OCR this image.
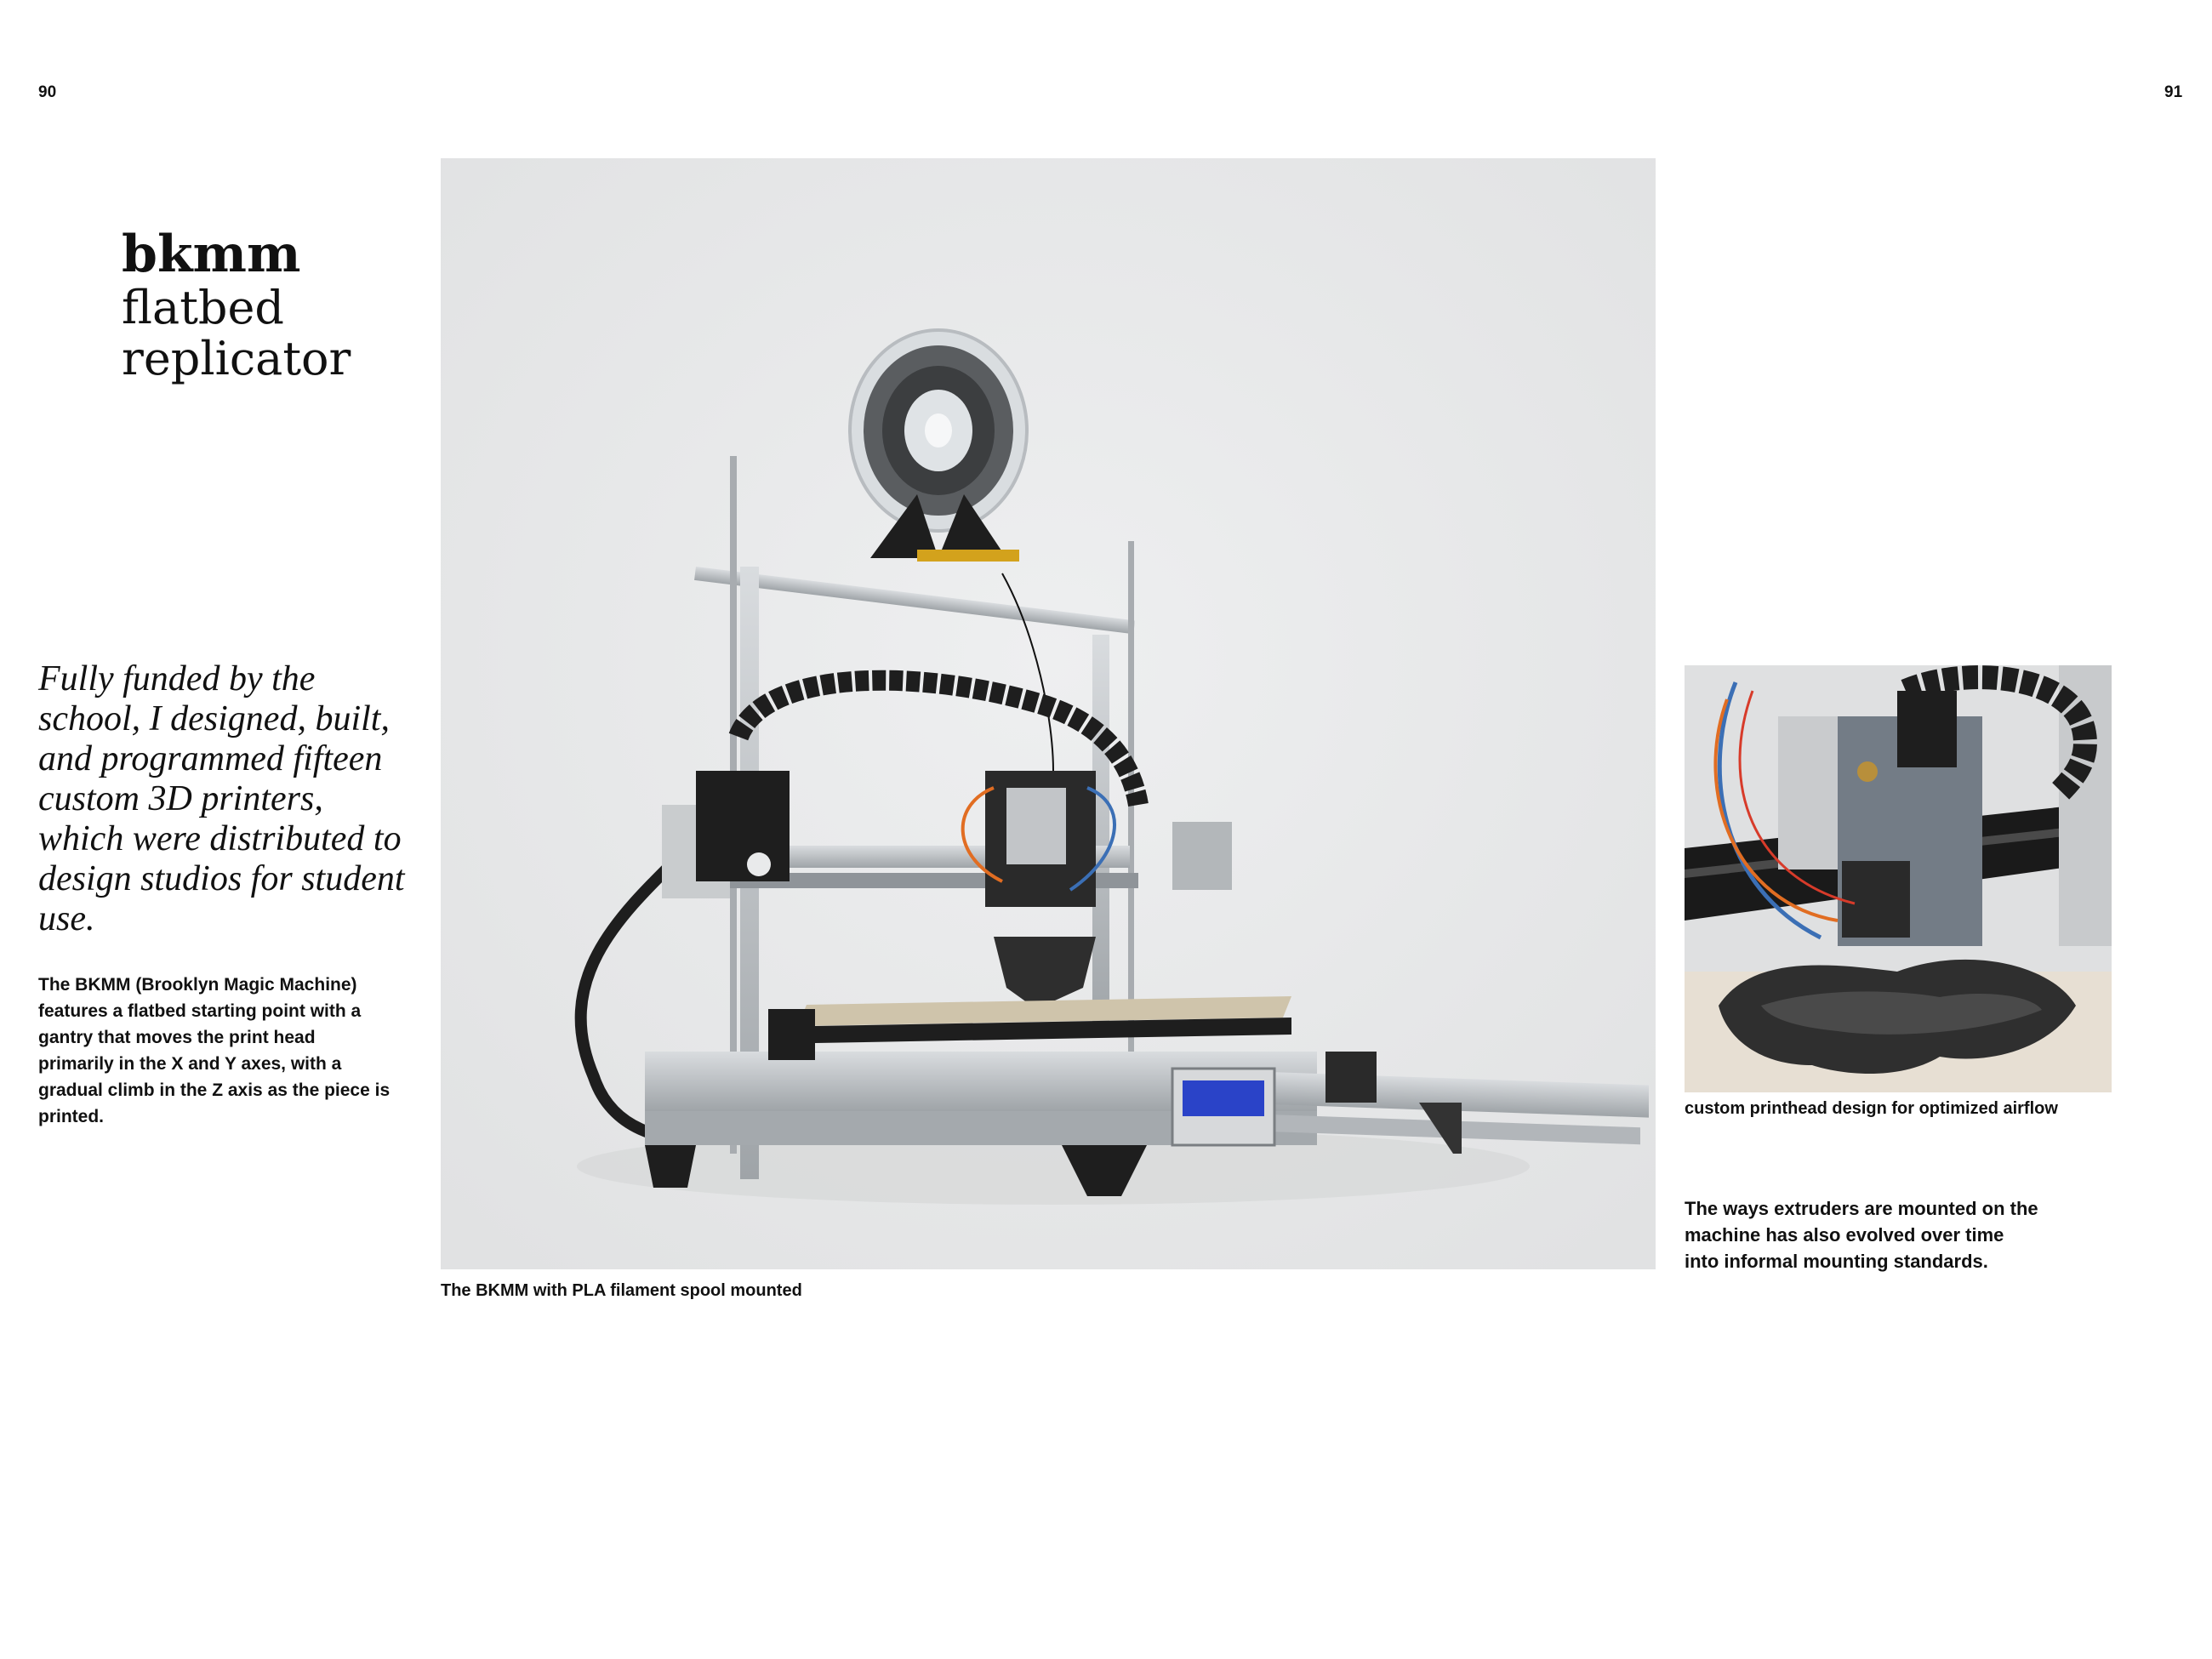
90	91
bkmm
flatbed
replicator
Fully funded by the school, I designed, built, and programmed fifteen custom 3D printers, which were distributed to design studios for student use.
The BKMM (Brooklyn Magic Machine) features a flatbed starting point with a gantry that moves the print head primarily in the X and Y axes, with a gradual climb in the Z axis as the piece is printed.
The BKMM with PLA filament spool mounted
custom printhead design for optimized airflow
The ways extruders are mounted on the machine has also evolved over time into informal mounting standards.
